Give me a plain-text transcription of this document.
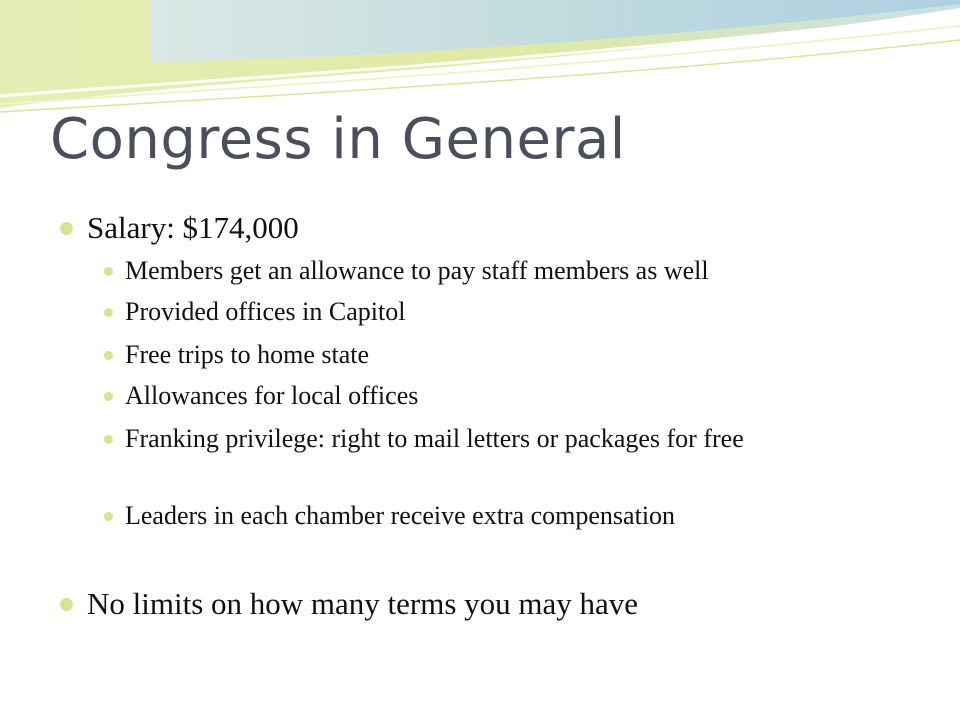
Congress in General
Salary: $174,000
Members get an allowance to pay staff members as well
Provided offices in Capitol
Free trips to home state
Allowances for local offices
Franking privilege: right to mail letters or packages for free
Leaders in each chamber receive extra compensation
No limits on how many terms you may have
